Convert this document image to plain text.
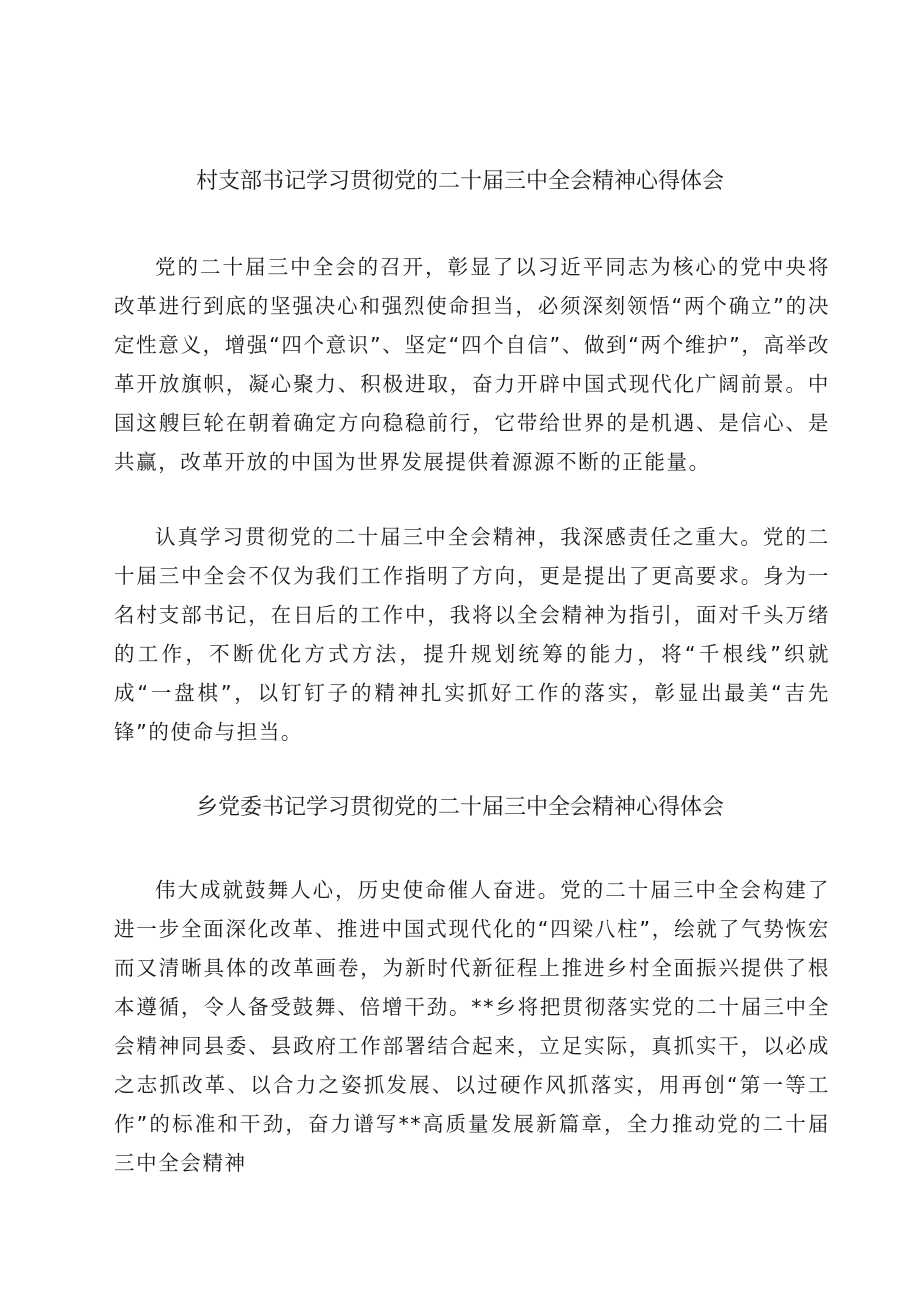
村支部书记学习贯彻党的二十届三中全会精神心得体会

党的二十届三中全会的召开，彰显了以习近平同志为核心的党中央将改革进行到底的坚强决心和强烈使命担当，必须深刻领悟“两个确立”的决定性意义，增强“四个意识”、坚定“四个自信”、做到“两个维护”，高举改革开放旗帜，凝心聚力、积极进取，奋力开辟中国式现代化广阔前景。中国这艘巨轮在朝着确定方向稳稳前行，它带给世界的是机遇、是信心、是共赢，改革开放的中国为世界发展提供着源源不断的正能量。

认真学习贯彻党的二十届三中全会精神，我深感责任之重大。党的二十届三中全会不仅为我们工作指明了方向，更是提出了更高要求。身为一名村支部书记，在日后的工作中，我将以全会精神为指引，面对千头万绪的工作，不断优化方式方法，提升规划统筹的能力，将“千根线”织就成“一盘棋”，以钉钉子的精神扎实抓好工作的落实，彰显出最美“吉先锋”的使命与担当。

乡党委书记学习贯彻党的二十届三中全会精神心得体会

伟大成就鼓舞人心，历史使命催人奋进。党的二十届三中全会构建了进一步全面深化改革、推进中国式现代化的“四梁八柱”，绘就了气势恢宏而又清晰具体的改革画卷，为新时代新征程上推进乡村全面振兴提供了根本遵循，令人备受鼓舞、倍增干劲。**乡将把贯彻落实党的二十届三中全会精神同县委、县政府工作部署结合起来，立足实际，真抓实干，以必成之志抓改革、以合力之姿抓发展、以过硬作风抓落实，用再创“第一等工作”的标准和干劲，奋力谱写**高质量发展新篇章，全力推动党的二十届三中全会精神
